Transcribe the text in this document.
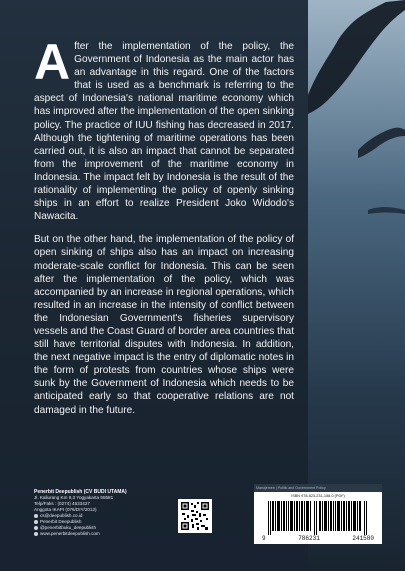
After the implementation of the policy, the Government of Indonesia as the main actor has an advantage in this regard. One of the factors that is used as a benchmark is referring to the aspect of Indonesia's national maritime economy which has improved after the implementation of the open sinking policy. The practice of IUU fishing has decreased in 2017. Although the tightening of maritime operations has been carried out, it is also an impact that cannot be separated from the improvement of the maritime economy in Indonesia. The impact felt by Indonesia is the result of the rationality of implementing the policy of openly sinking ships in an effort to realize President Joko Widodo's Nawacita.

But on the other hand, the implementation of the policy of open sinking of ships also has an impact on increasing moderate-scale conflict for Indonesia. This can be seen after the implementation of the policy, which was accompanied by an increase in regional operations, which resulted in an increase in the intensity of conflict between the Indonesian Government's fisheries supervisory vessels and the Coast Guard of border area countries that still have territorial disputes with Indonesia. In addition, the next negative impact is the entry of diplomatic notes in the form of protests from countries whose ships were sunk by the Government of Indonesia which needs to be anticipated early so that cooperative relations are not damaged in the future.

Penerbit Deepublish (CV BUDI UTAMA)
Jl. Kaliurang Km 9,3 Yogyakarta 55581
Telp/Faks : (0274) 4533427
Anggota IKAPI (076/DIY/2012)
cs@deepublish.co.id
Penerbit Deepublish
@penerbitbuku_deepublish
www.penerbitdeepublish.com
Manajemen | Politik and Government Policy
ISBN 978-623-231-158-0 (PDF)
9	786231	241580
